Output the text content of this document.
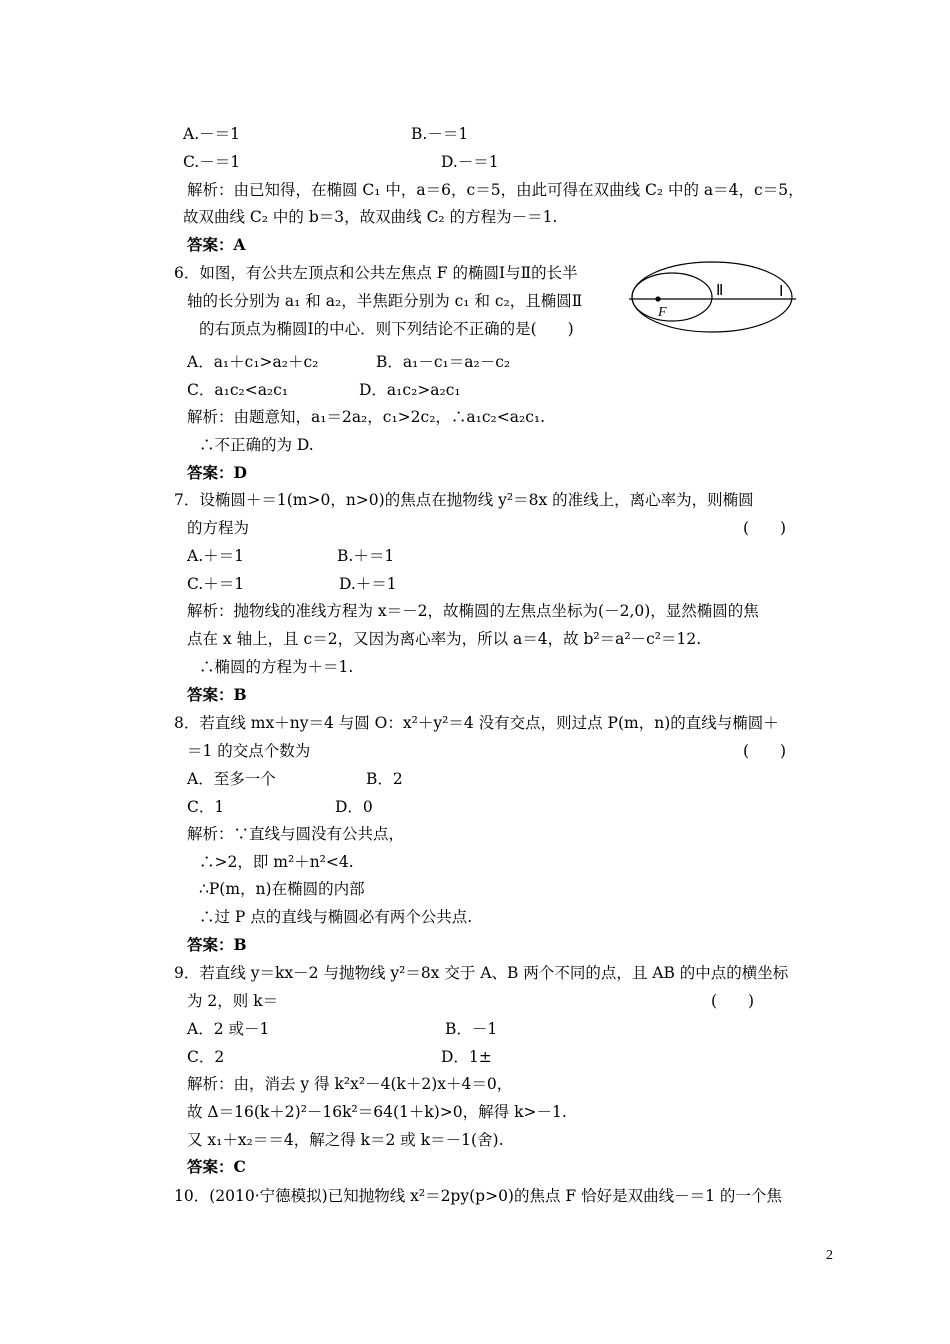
A.－＝1
C.－＝1
解析：由已知得，在椭圆 C₁ 中，a＝6，c＝5，由此可得在双曲线 C₂ 中的 a＝4，c＝5，
故双曲线 C₂ 中的 b＝3，故双曲线 C₂ 的方程为－＝1.
答案：A
6．如图，有公共左顶点和公共左焦点 F 的椭圆Ⅰ与Ⅱ的长半
轴的长分别为 a₁ 和 a₂，半焦距分别为 c₁ 和 c₂，且椭圆Ⅱ
的右顶点为椭圆Ⅰ的中心．则下列结论不正确的是(　　)
A．a₁＋c₁>a₂＋c₂
C．a₁c₂<a₂c₁
解析：由题意知，a₁＝2a₂，c₁>2c₂，∴a₁c₂<a₂c₁.
∴不正确的为 D.
答案：D
7．设椭圆＋＝1(m>0，n>0)的焦点在抛物线 y²＝8x 的准线上，离心率为，则椭圆
的方程为
A.＋＝1
C.＋＝1
解析：抛物线的准线方程为 x＝－2，故椭圆的左焦点坐标为(－2,0)，显然椭圆的焦
点在 x 轴上，且 c＝2，又因为离心率为，所以 a＝4，故 b²＝a²－c²＝12.
∴椭圆的方程为＋＝1.
答案：B
8．若直线 mx＋ny＝4 与圆 O：x²＋y²＝4 没有交点，则过点 P(m，n)的直线与椭圆＋
＝1 的交点个数为
A．至多一个
C．1
解析：∵直线与圆没有公共点，
∴>2，即 m²＋n²<4.
∴P(m，n)在椭圆的内部
∴过 P 点的直线与椭圆必有两个公共点.
答案：B
9．若直线 y＝kx－2 与抛物线 y²＝8x 交于 A、B 两个不同的点，且 AB 的中点的横坐标
为 2，则 k＝
A．2 或－1
C．2
解析：由，消去 y 得 k²x²－4(k＋2)x＋4＝0，
故 Δ＝16(k＋2)²－16k²＝64(1＋k)>0，解得 k>－1.
又 x₁＋x₂＝＝4，解之得 k＝2 或 k＝－1(舍).
答案：C
10．(2010·宁德模拟)已知抛物线 x²＝2py(p>0)的焦点 F 恰好是双曲线－＝1 的一个焦
B.－＝1
D.－＝1
B．a₁－c₁＝a₂－c₂
D．a₁c₂>a₂c₁
B.＋＝1
D.＋＝1
B．2
D．0
B．－1
D．1±
(　　)
(　　)
(　　)
F
Ⅱ	Ⅰ
2
